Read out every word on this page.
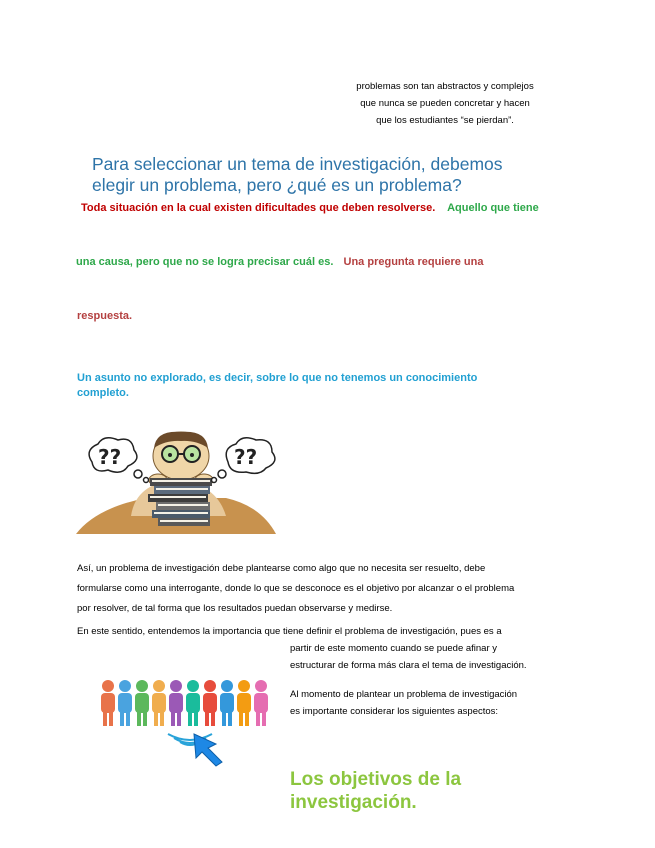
problemas son tan abstractos y complejos
que nunca se pueden concretar y hacen
que los estudiantes “se pierdan”.
Para seleccionar un tema de investigación, debemos
elegir un problema, pero ¿qué es un problema?
Toda situación en la cual existen dificultades que deben resolverse. Aquello que tiene
una causa, pero que no se logra precisar cuál es. Una pregunta requiere una
respuesta.
Un asunto no explorado, es decir, sobre lo que no tenemos un conocimiento
completo.
??	??
Así, un problema de investigación debe plantearse como algo que no necesita ser resuelto, debe
formularse como una interrogante, donde lo que se desconoce es el objetivo por alcanzar o el problema
por resolver, de tal forma que los resultados puedan observarse y medirse.
En este sentido, entendemos la importancia que tiene definir el problema de investigación, pues es a
partir de este momento cuando se puede afinar y
estructurar de forma más clara el tema de investigación.
Al momento de plantear un problema de investigación
es importante considerar los siguientes aspectos:
Los objetivos de la
investigación.
